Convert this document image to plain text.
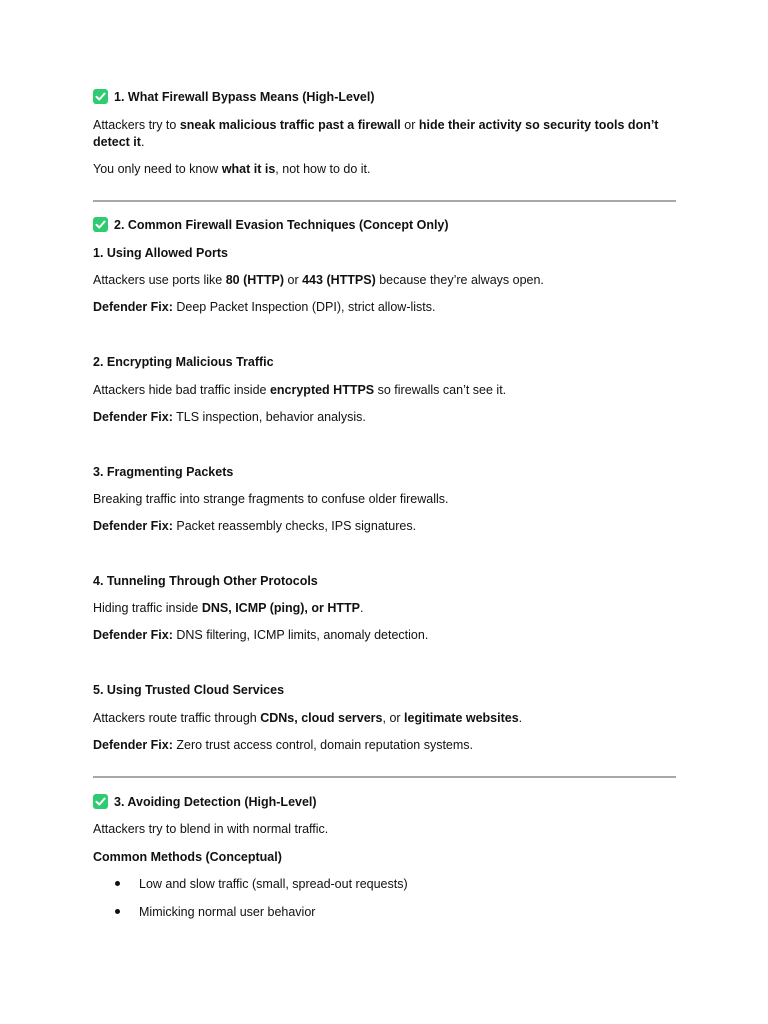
1. What Firewall Bypass Means (High-Level)
Attackers try to sneak malicious traffic past a firewall or hide their activity so security tools don’t detect it.
You only need to know what it is, not how to do it.
2. Common Firewall Evasion Techniques (Concept Only)
1. Using Allowed Ports
Attackers use ports like 80 (HTTP) or 443 (HTTPS) because they’re always open.
Defender Fix: Deep Packet Inspection (DPI), strict allow-lists.
2. Encrypting Malicious Traffic
Attackers hide bad traffic inside encrypted HTTPS so firewalls can’t see it.
Defender Fix: TLS inspection, behavior analysis.
3. Fragmenting Packets
Breaking traffic into strange fragments to confuse older firewalls.
Defender Fix: Packet reassembly checks, IPS signatures.
4. Tunneling Through Other Protocols
Hiding traffic inside DNS, ICMP (ping), or HTTP.
Defender Fix: DNS filtering, ICMP limits, anomaly detection.
5. Using Trusted Cloud Services
Attackers route traffic through CDNs, cloud servers, or legitimate websites.
Defender Fix: Zero trust access control, domain reputation systems.
3. Avoiding Detection (High-Level)
Attackers try to blend in with normal traffic.
Common Methods (Conceptual)
Low and slow traffic (small, spread-out requests)
Mimicking normal user behavior
